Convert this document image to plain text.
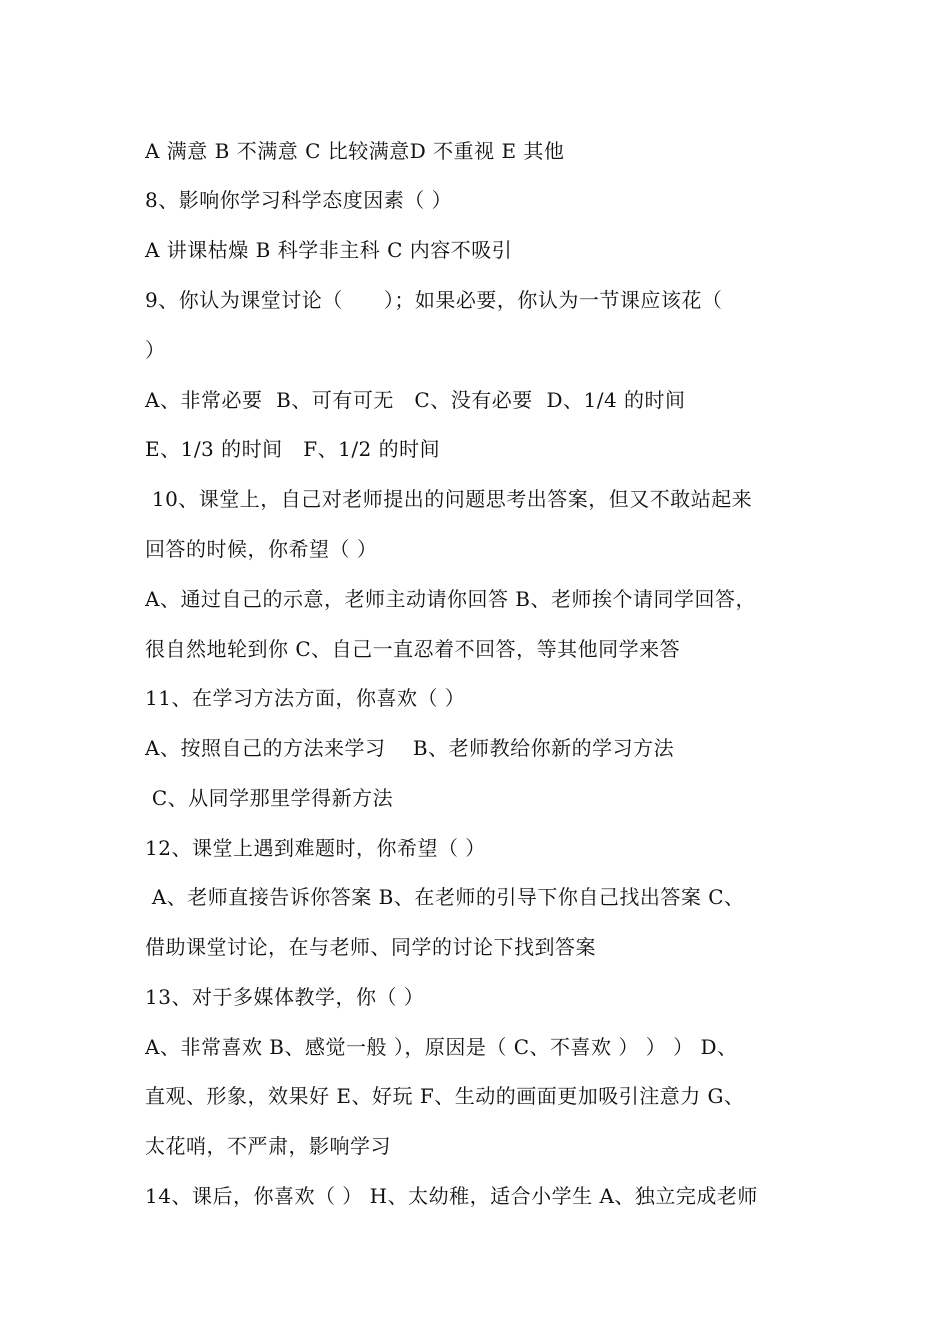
A 满意 B 不满意 C 比较满意D 不重视 E 其他
8、影响你学习科学态度因素（ ）
A 讲课枯燥 B 科学非主科 C 内容不吸引
9、你认为课堂讨论（      ）；如果必要，你认为一节课应该花（
）
A、非常必要  B、可有可无   C、没有必要  D、1/4 的时间
E、1/3 的时间   F、1/2 的时间
10、课堂上，自己对老师提出的问题思考出答案，但又不敢站起来
回答的时候，你希望（ ）
A、通过自己的示意，老师主动请你回答 B、老师挨个请同学回答，
很自然地轮到你 C、自己一直忍着不回答，等其他同学来答
11、在学习方法方面，你喜欢（ ）
A、按照自己的方法来学习    B、老师教给你新的学习方法
C、从同学那里学得新方法
12、课堂上遇到难题时，你希望（ ）
A、老师直接告诉你答案 B、在老师的引导下你自己找出答案 C、
借助课堂讨论，在与老师、同学的讨论下找到答案
13、对于多媒体教学，你（ ）
A、非常喜欢 B、感觉一般 ），原因是（ C、不喜欢 ） ） ） D、
直观、形象，效果好 E、好玩 F、生动的画面更加吸引注意力 G、
太花哨，不严肃，影响学习
14、课后，你喜欢（ ） H、太幼稚，适合小学生 A、独立完成老师
